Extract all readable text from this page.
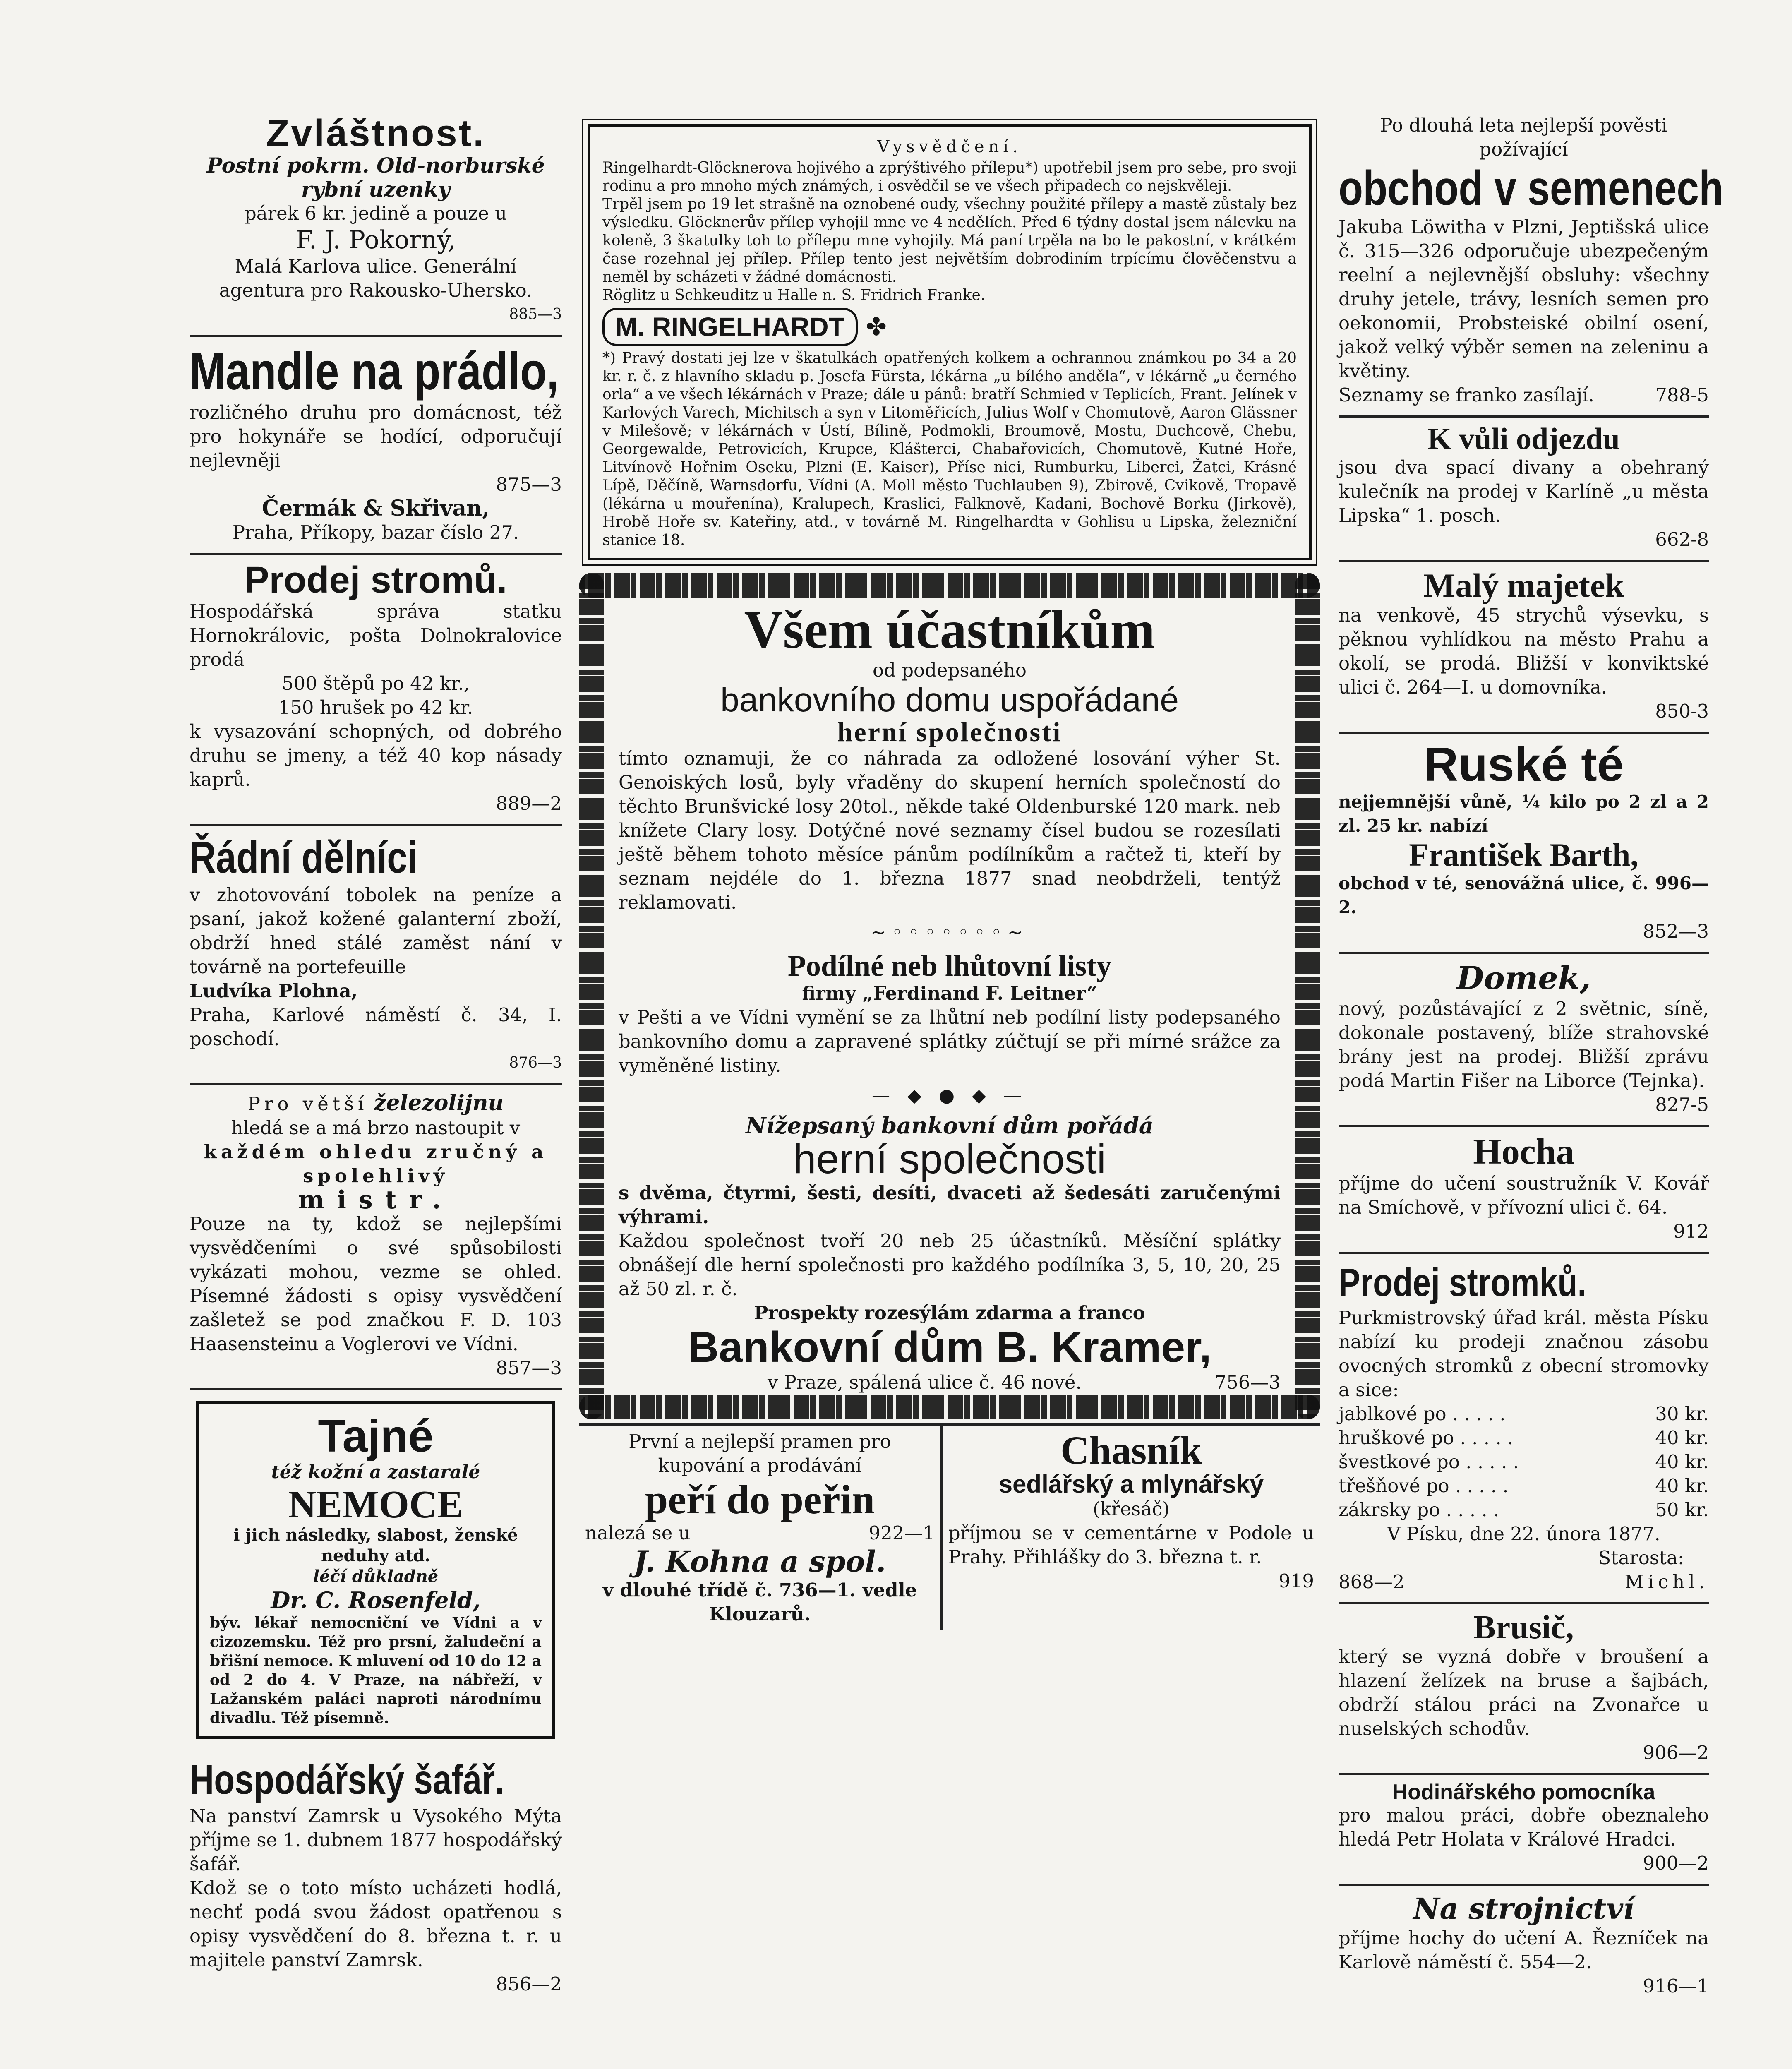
Zvláštnost.

Postní pokrm. Old-norburské rybní uzenky

párek 6 kr. jedině a pouze u

F. J. Pokorný,

Malá Karlova ulice. Generální agentura pro Rakousko-Uhersko.

885—3

Mandle na prádlo,

rozličného druhu pro domácnost, též pro hokynáře se hodící, odporučují nejlevněji

875—3

Čermák & Skřivan,

Praha, Příkopy, bazar číslo 27.

Prodej stromů.

Hospodářská správa statku Hornokrálovic, pošta Dolnokralovice prodá

500 štěpů po 42 kr.,

150 hrušek po 42 kr.

k vysazování schopných, od dobrého druhu se jmeny, a též 40 kop násady kaprů.

889—2

Řádní dělníci

v zhotovování tobolek na peníze a psaní, jakož kožené galanterní zboží, obdrží hned stálé zaměst nání v továrně na portefeuille

Ludvíka Plohna,

Praha, Karlové náměstí č. 34, I. poschodí.

876—3

Pro větší železolijnu

hledá se a má brzo nastoupit v

každém ohledu zručný a spolehlivý

mistr.

Pouze na ty, kdož se nejlepšími vysvědčeními o své spůsobilosti vykázati mohou, vezme se ohled. Písemné žádosti s opisy vysvědčení zašletež se pod značkou F. D. 103 Haasensteinu a Voglerovi ve Vídni.

857—3

Tajné

též kožní a zastaralé

NEMOCE

i jich následky, slabost, ženské neduhy atd.

léčí důkladně

Dr. C. Rosenfeld,

býv. lékař nemocniční ve Vídni a v cizozemsku. Též pro prsní, žaludeční a břišní nemoce. K mluvení od 10 do 12 a od 2 do 4. V Praze, na nábřeží, v Lažanském paláci naproti národnímu divadlu. Též písemně.

Hospodářský šafář.

Na panství Zamrsk u Vysokého Mýta příjme se 1. dubnem 1877 hospodářský šafář.

Kdož se o toto místo ucházeti hodlá, nechť podá svou žádost opatřenou s opisy vysvědčení do 8. března t. r. u majitele panství Zamrsk.

856—2

Vysvědčení.

Ringelhardt-Glöcknerova hojivého a zprýštivého přílepu*) upotřebil jsem pro sebe, pro svoji rodinu a pro mnoho mých známých, i osvědčil se ve všech připadech co nejskvěleji.

Trpěl jsem po 19 let strašně na oznobené oudy, všechny použité přílepy a mastě zůstaly bez výsledku. Glöcknerův přílep vyhojil mne ve 4 nedělích. Před 6 týdny dostal jsem nálevku na koleně, 3 škatulky toh to přílepu mne vyhojily. Má paní trpěla na bo le pakostní, v krátkém čase rozehnal jej přílep. Přílep tento jest největším dobrodiním trpícímu člověčenstvu a neměl by scházeti v žádné domácnosti.

Röglitz u Schkeuditz u Halle n. S. Fridrich Franke.

M. RINGELHARDT ✤

*) Pravý dostati jej lze v škatulkách opatřených kolkem a ochrannou známkou po 34 a 20 kr. r. č. z hlavního skladu p. Josefa Fürsta, lékárna „u bílého anděla“, v lékárně „u černého orla“ a ve všech lékárnách v Praze; dále u pánů: bratří Schmied v Teplicích, Frant. Jelínek v Karlových Varech, Michitsch a syn v Litoměřicích, Julius Wolf v Chomutově, Aaron Glässner v Milešově; v lékárnách v Ústí, Bílině, Podmokli, Broumově, Mostu, Duchcově, Chebu, Georgewalde, Petrovicích, Krupce, Klášterci, Chabařovicích, Chomutově, Kutné Hoře, Litvínově Hořnim Oseku, Plzni (E. Kaiser), Příse nici, Rumburku, Liberci, Žatci, Krásné Lípě, Děčíně, Warnsdorfu, Vídni (A. Moll město Tuchlauben 9), Zbirově, Cvikově, Tropavě (lékárna u mouřenína), Kralupech, Kraslici, Falknově, Kadani, Bochově Borku (Jirkově), Hrobě Hoře sv. Kateřiny, atd., v továrně M. Ringelhardta v Gohlisu u Lipska, železniční stanice 18.

Všem účastníkům

od podepsaného

bankovního domu uspořádané

herní společnosti

tímto oznamuji, že co náhrada za odložené losování výher St. Genoiských losů, byly vřaděny do skupení herních společností do těchto Brunšvické losy 20tol., někde také Oldenburské 120 mark. neb knížete Clary losy. Dotýčné nové seznamy čísel budou se rozesílati ještě během tohoto měsíce pánům podílníkům a račtež ti, kteří by seznam nejdéle do 1. března 1877 snad neobdrželi, tentýž reklamovati.

~◦◦◦◦◦◦◦~

Podílné neb lhůtovní listy

firmy „Ferdinand F. Leitner“

v Pešti a ve Vídni vymění se za lhůtní neb podílní listy podepsaného bankovního domu a zapravené splátky zúčtují se při mírné srážce za vyměněné listiny.

— ◆ ● ◆ —

Nížepsaný bankovní dům pořádá

herní společnosti

s dvěma, čtyrmi, šesti, desíti, dvaceti až šedesáti zaručenými výhrami.

Každou společnost tvoří 20 neb 25 účastníků. Měsíční splátky obnášejí dle herní společnosti pro každého podílníka 3, 5, 10, 20, 25 až 50 zl. r. č.

Prospekty rozesýlám zdarma a franco

Bankovní dům B. Kramer,

v Praze, spálená ulice č. 46 nové.	756—3

První a nejlepší pramen pro kupování a prodávání

peří do peřin

nalezá se u	922—1

J. Kohna a spol.

v dlouhé třídě č. 736—1. vedle Klouzarů.

Chasník

sedlářský a mlynářský

(křesáč)

příjmou se v cementárne v Podole u Prahy. Přihlášky do 3. března t. r.

919

Po dlouhá leta nejlepší pověsti požívající

obchod v semenech

Jakuba Löwitha v Plzni, Jeptišská ulice č. 315—326 odporučuje ubezpečeným reelní a nejlevnější obsluhy: všechny druhy jetele, trávy, lesních semen pro oekonomii, Probsteiské obilní osení, jakož velký výběr semen na zeleninu a květiny.

Seznamy se franko zasílají.	788-5

K vůli odjezdu

jsou dva spací divany a obehraný kulečník na prodej v Karlíně „u města Lipska“ 1. posch.

662-8

Malý majetek

na venkově, 45 strychů výsevku, s pěknou vyhlídkou na město Prahu a okolí, se prodá. Bližší v konviktské ulici č. 264—I. u domovníka.

850-3

Ruské té

nejjemnější vůně, ¼ kilo po 2 zl a 2 zl. 25 kr. nabízí

František Barth,

obchod v té, senovážná ulice, č. 996—2.

852—3

Domek,

nový, pozůstávající z 2 světnic, síně, dokonale postavený, blíže strahovské brány jest na prodej. Bližší zprávu podá Martin Fišer na Liborce (Tejnka).

827-5

Hocha

příjme do učení soustružník V. Kovář na Smíchově, v přívozní ulici č. 64.

912

Prodej stromků.

Purkmistrovský úřad král. města Písku nabízí ku prodeji značnou zásobu ovocných stromků z obecní stromovky a sice:

jablkové po . . . . .	30 kr.
hruškové po . . . . .	40 kr.
švestkové po . . . . .	40 kr.
třešňové po . . . . .	40 kr.
zákrsky po . . . . .	50 kr.

V Písku, dne 22. února 1877.

Starosta:

868—2	Michl.

Brusič,

který se vyzná dobře v broušení a hlazení želízek na bruse a šajbách, obdrží stálou práci na Zvonařce u nuselských schodův.

906—2

Hodinářského pomocníka

pro malou práci, dobře obeznaleho hledá Petr Holata v Králové Hradci.

900—2

Na strojnictví

příjme hochy do učení A. Řezníček na Karlově náměstí č. 554—2.

916—1
